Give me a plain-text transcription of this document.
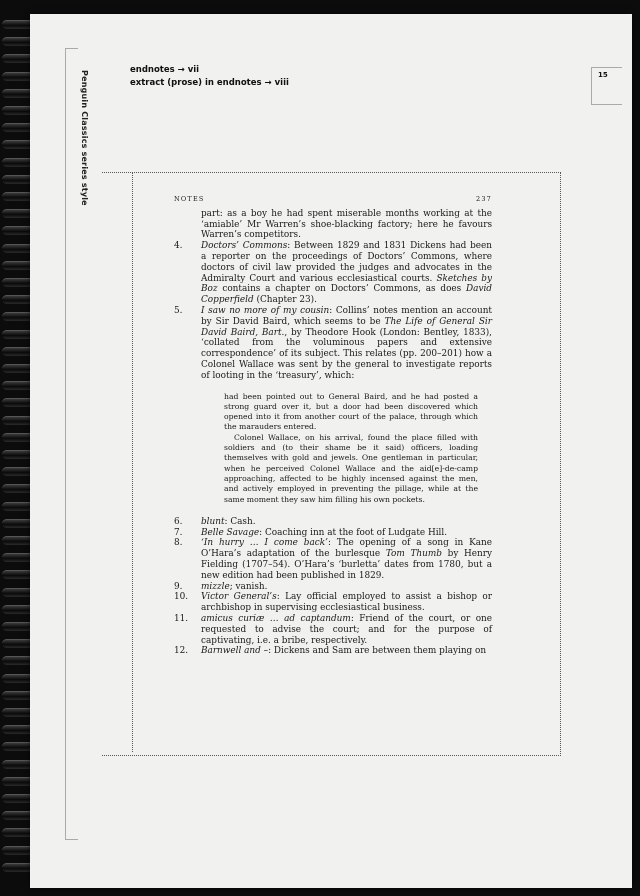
Penguin Classics series style	endnotes → vii
extract (prose) in endnotes → viii
15
NOTES	237
part: as a boy he had spent miserable months working at the ‘amiable’ Mr Warren’s shoe-blacking factory; here he favours Warren’s competitors.
4.	Doctors’ Commons: Between 1829 and 1831 Dickens had been a reporter on the proceedings of Doctors’ Commons, where doctors of civil law provided the judges and advocates in the Admiralty Court and various ecclesiastical courts. Sketches by Boz contains a chapter on Doctors’ Commons, as does David Copperfield (Chapter 23).
5.	I saw no more of my cousin: Collins’ notes mention an account by Sir David Baird, which seems to be The Life of General Sir David Baird, Bart., by Theodore Hook (London: Bentley, 1833), ‘collated from the voluminous papers and extensive correspondence’ of its subject. This relates (pp. 200–201) how a Colonel Wallace was sent by the general to investigate reports of looting in the ‘treasury’, which:

had been pointed out to General Baird, and he had posted a strong guard over it, but a door had been discovered which opened into it from another court of the palace, through which the marauders entered.

Colonel Wallace, on his arrival, found the place filled with soldiers and (to their shame be it said) officers, loading themselves with gold and jewels. One gentleman in particular, when he perceived Colonel Wallace and the aid[e]-de-camp approaching, affected to be highly incensed against the men, and actively employed in preventing the pillage, while at the same moment they saw him filling his own pockets.

6.	blunt: Cash.
7.	Belle Savage: Coaching inn at the foot of Ludgate Hill.
8.	‘In hurry … I come back’: The opening of a song in Kane O’Hara’s adaptation of the burlesque Tom Thumb by Henry Fielding (1707–54). O’Hara’s ‘burletta’ dates from 1780, but a new edition had been published in 1829.
9.	mizzle; vanish.
10.	Victor General’s: Lay official employed to assist a bishop or archbishop in supervising ecclesiastical business.
11.	amicus curiæ … ad captandum: Friend of the court, or one requested to advise the court; and for the purpose of captivating, i.e. a bribe, respectively.
12.	Barnwell and –: Dickens and Sam are between them playing on
